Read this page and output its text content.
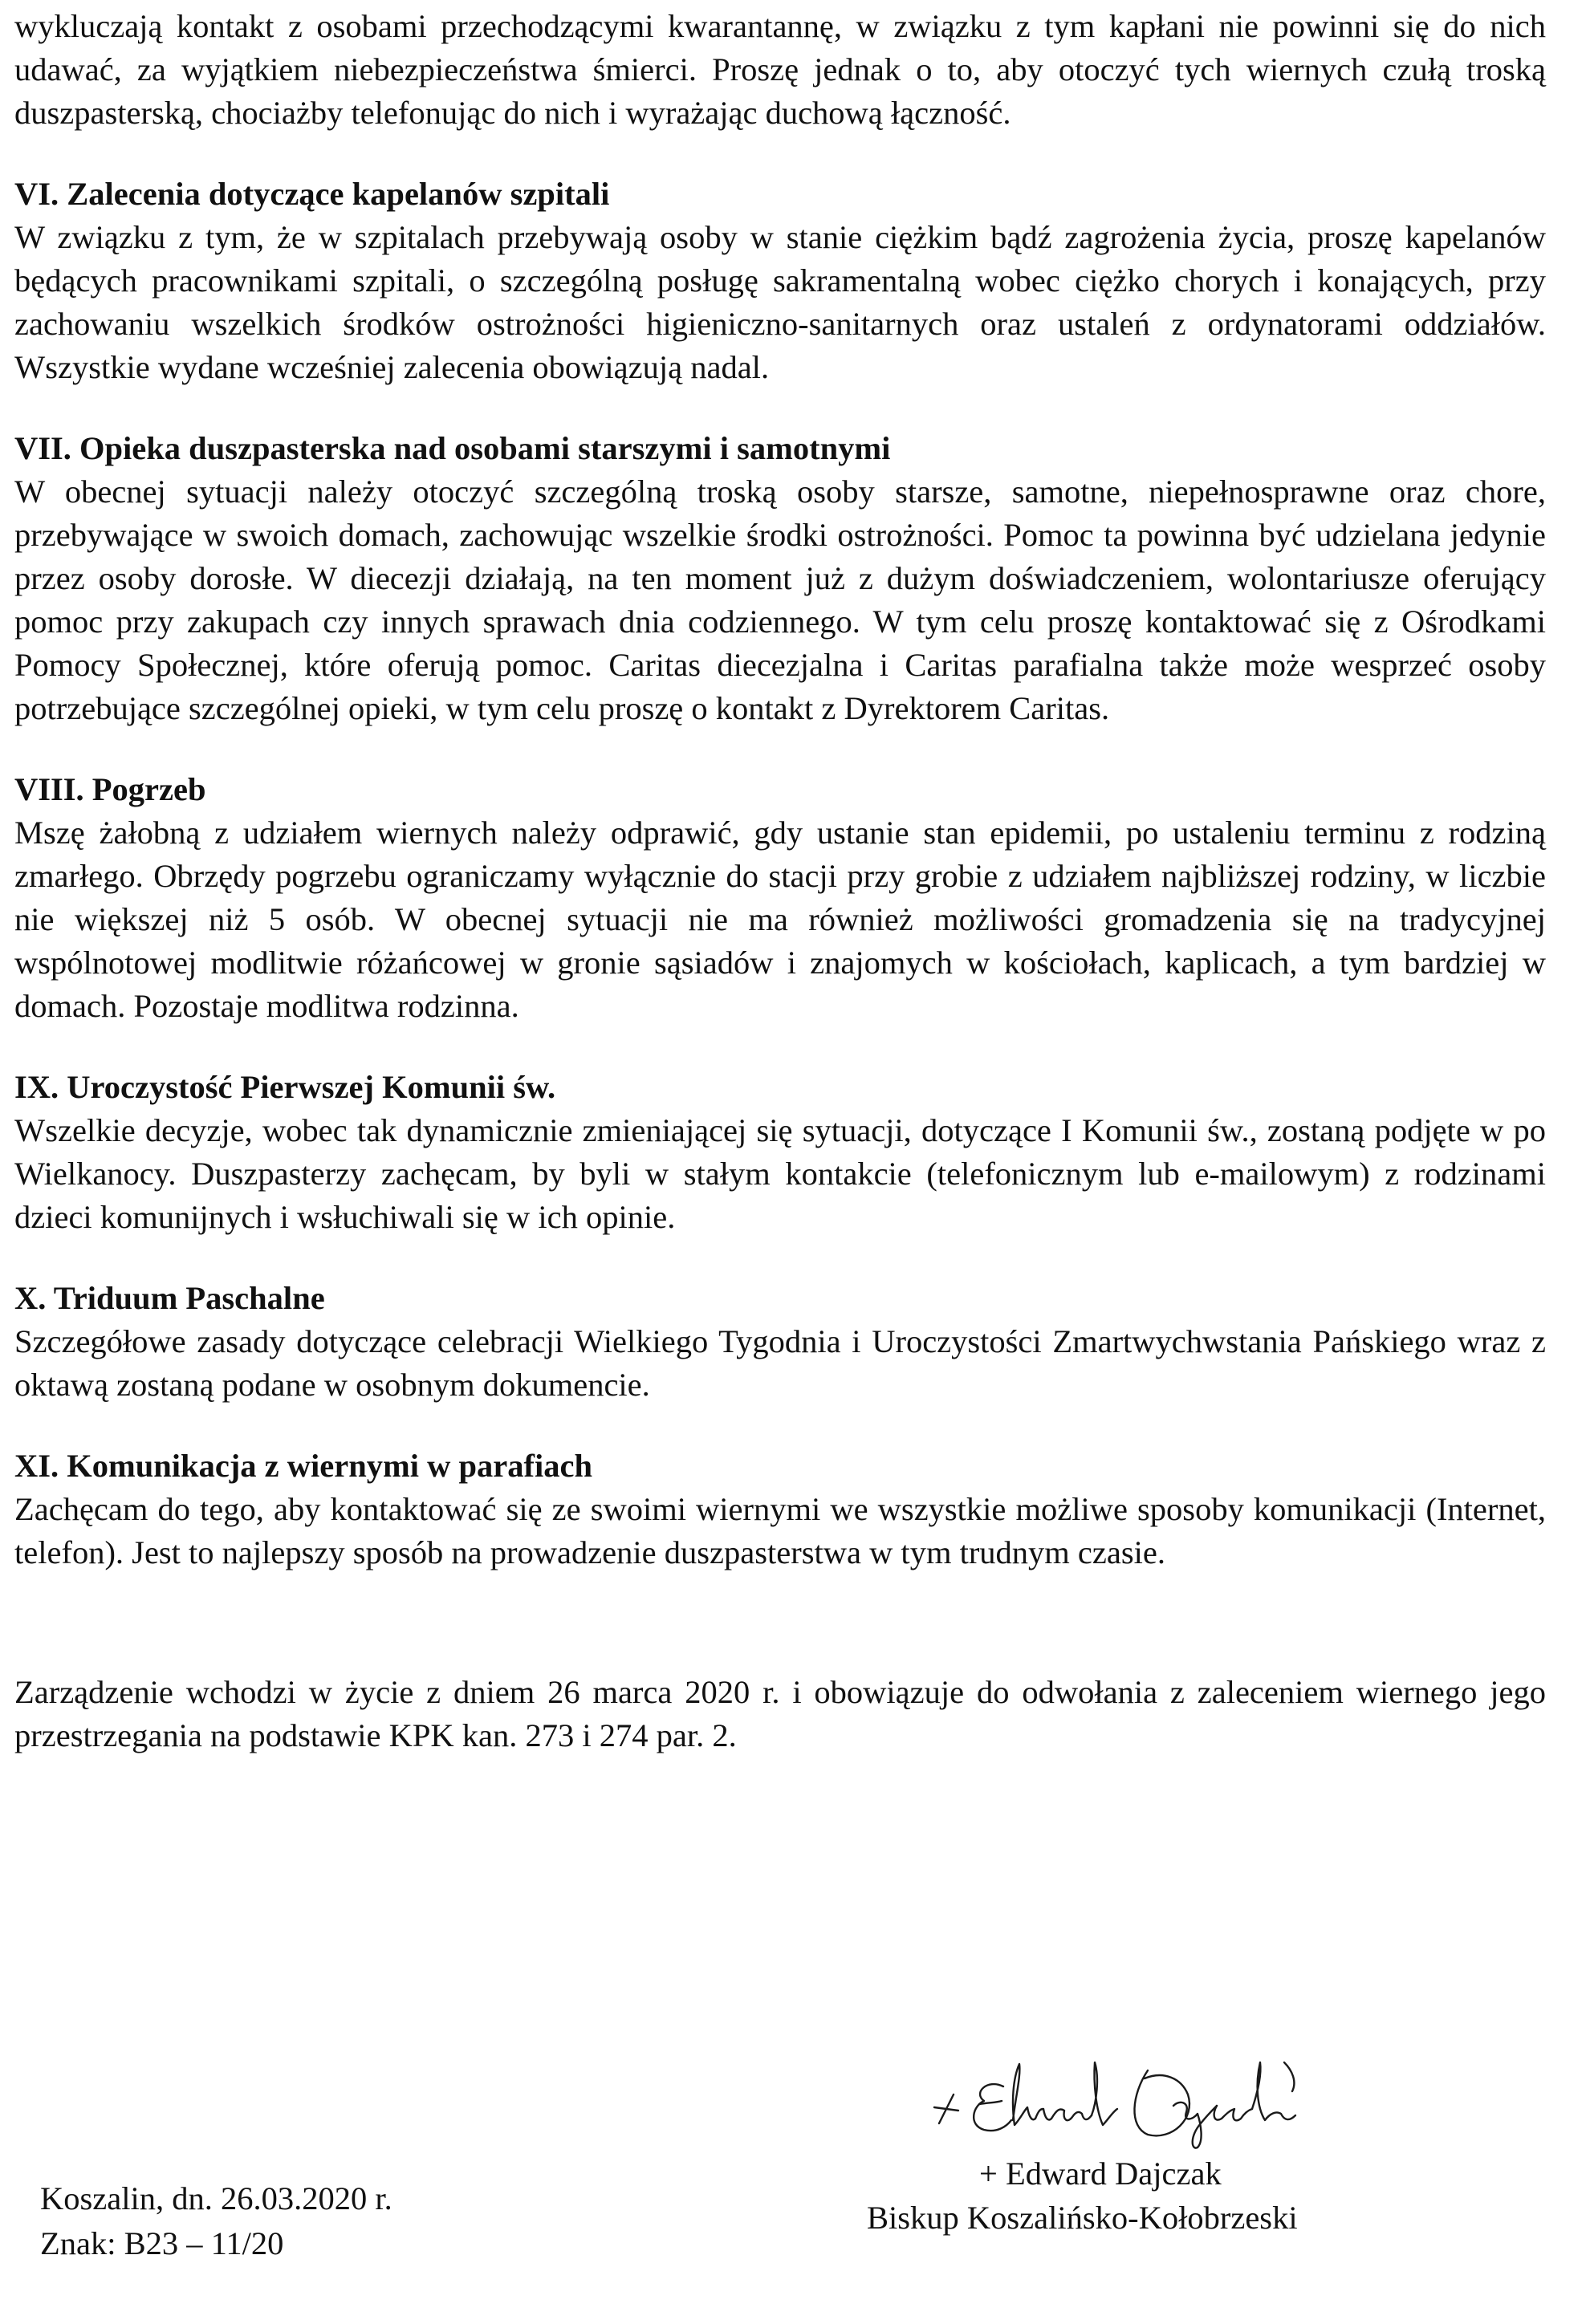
wykluczają kontakt z osobami przechodzącymi kwarantannę, w związku z tym kapłani nie powinni się do nich udawać, za wyjątkiem niebezpieczeństwa śmierci. Proszę jednak o to, aby otoczyć tych wiernych czułą troską duszpasterską, chociażby telefonując do nich i wyrażając duchową łączność.

VI. Zalecenia dotyczące kapelanów szpitali

W związku z tym, że w szpitalach przebywają osoby w stanie ciężkim bądź zagrożenia życia, proszę kapelanów będących pracownikami szpitali, o szczególną posługę sakramentalną wobec ciężko chorych i konających, przy zachowaniu wszelkich środków ostrożności higieniczno-sanitarnych oraz ustaleń z ordynatorami oddziałów. Wszystkie wydane wcześniej zalecenia obowiązują nadal.

VII. Opieka duszpasterska nad osobami starszymi i samotnymi

W obecnej sytuacji należy otoczyć szczególną troską osoby starsze, samotne, niepełnosprawne oraz chore, przebywające w swoich domach, zachowując wszelkie środki ostrożności. Pomoc ta powinna być udzielana jedynie przez osoby dorosłe. W diecezji działają, na ten moment już z dużym doświadczeniem, wolontariusze oferujący pomoc przy zakupach czy innych sprawach dnia codziennego. W tym celu proszę kontaktować się z Ośrodkami Pomocy Społecznej, które oferują pomoc. Caritas diecezjalna i Caritas parafialna także może wesprzeć osoby potrzebujące szczególnej opieki, w tym celu proszę o kontakt z Dyrektorem Caritas.

VIII. Pogrzeb

Mszę żałobną z udziałem wiernych należy odprawić, gdy ustanie stan epidemii, po ustaleniu terminu z rodziną zmarłego. Obrzędy pogrzebu ograniczamy wyłącznie do stacji przy grobie z udziałem najbliższej rodziny, w liczbie nie większej niż 5 osób. W obecnej sytuacji nie ma również możliwości gromadzenia się na tradycyjnej wspólnotowej modlitwie różańcowej w gronie sąsiadów i znajomych w kościołach, kaplicach, a tym bardziej w domach. Pozostaje modlitwa rodzinna.

IX. Uroczystość Pierwszej Komunii św.

Wszelkie decyzje, wobec tak dynamicznie zmieniającej się sytuacji, dotyczące I Komunii św., zostaną podjęte w po Wielkanocy. Duszpasterzy zachęcam, by byli w stałym kontakcie (telefonicznym lub e-mailowym) z rodzinami dzieci komunijnych i wsłuchiwali się w ich opinie.

X. Triduum Paschalne

Szczegółowe zasady dotyczące celebracji Wielkiego Tygodnia i Uroczystości Zmartwychwstania Pańskiego wraz z oktawą zostaną podane w osobnym dokumencie.

XI. Komunikacja z wiernymi w parafiach

Zachęcam do tego, aby kontaktować się ze swoimi wiernymi we wszystkie możliwe sposoby komunikacji (Internet, telefon). Jest to najlepszy sposób na prowadzenie duszpasterstwa w tym trudnym czasie.

Zarządzenie wchodzi w życie z dniem 26 marca 2020 r. i obowiązuje do odwołania z zaleceniem wiernego jego przestrzegania na podstawie KPK kan. 273 i 274 par. 2.

+ Edward Dajczak
Biskup Koszalińsko-Kołobrzeski
Koszalin, dn. 26.03.2020 r.
Znak: B23 – 11/20
